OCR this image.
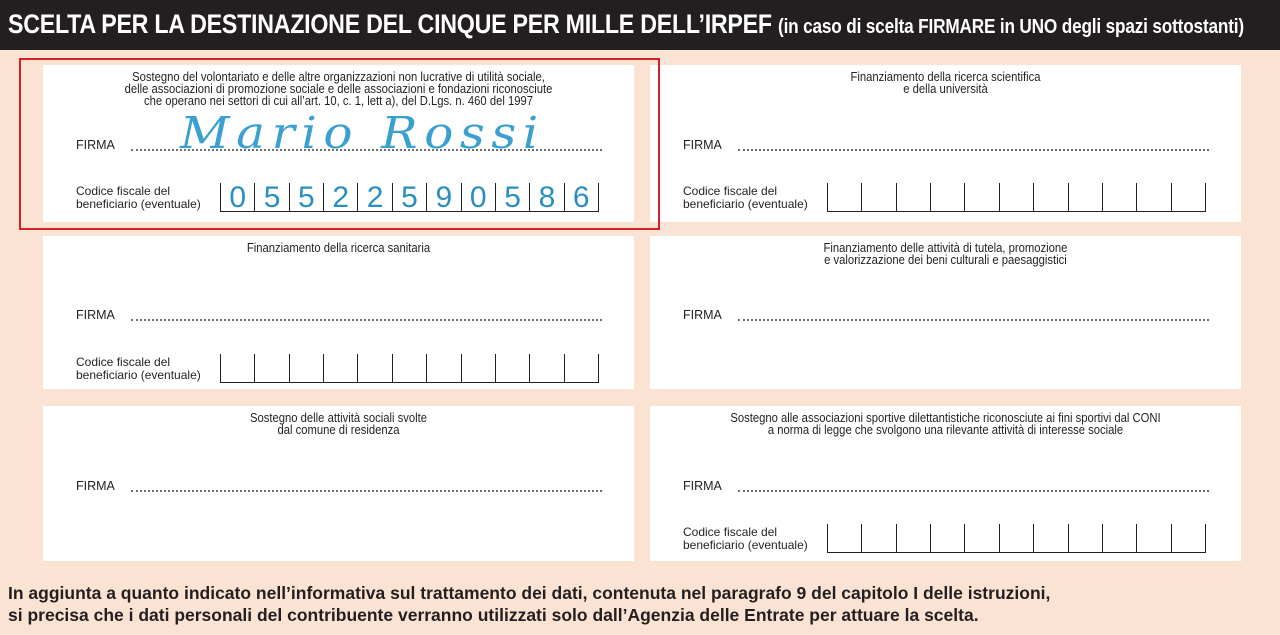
SCELTA PER LA DESTINAZIONE DEL CINQUE PER MILLE DELL’IRPEF (in caso di scelta FIRMARE in UNO degli spazi sottostanti)
Sostegno del volontariato e delle altre organizzazioni non lucrative di utilità sociale,
delle associazioni di promozione sociale e delle associazioni e fondazioni riconosciute
che operano nei settori di cui all’art. 10, c. 1, lett a), del D.Lgs. n. 460 del 1997
FIRMA
Codice fiscale del
beneficiario (eventuale) 0 5 5 2 2 5 9 0 5 8 6
Finanziamento della ricerca scientifica
e della università
FIRMA
Codice fiscale del
beneficiario (eventuale)
Finanziamento della ricerca sanitaria
FIRMA
Codice fiscale del
beneficiario (eventuale)
Finanziamento delle attività di tutela, promozione
e valorizzazione dei beni culturali e paesaggistici
FIRMA
Sostegno delle attività sociali svolte
dal comune di residenza
FIRMA
Sostegno alle associazioni sportive dilettantistiche riconosciute ai fini sportivi dal CONI
a norma di legge che svolgono una rilevante attività di interesse sociale
FIRMA
Codice fiscale del
beneficiario (eventuale)
Mario Rossi
In aggiunta a quanto indicato nell’informativa sul trattamento dei dati, contenuta nel paragrafo 9 del capitolo I delle istruzioni,
si precisa che i dati personali del contribuente verranno utilizzati solo dall’Agenzia delle Entrate per attuare la scelta.
